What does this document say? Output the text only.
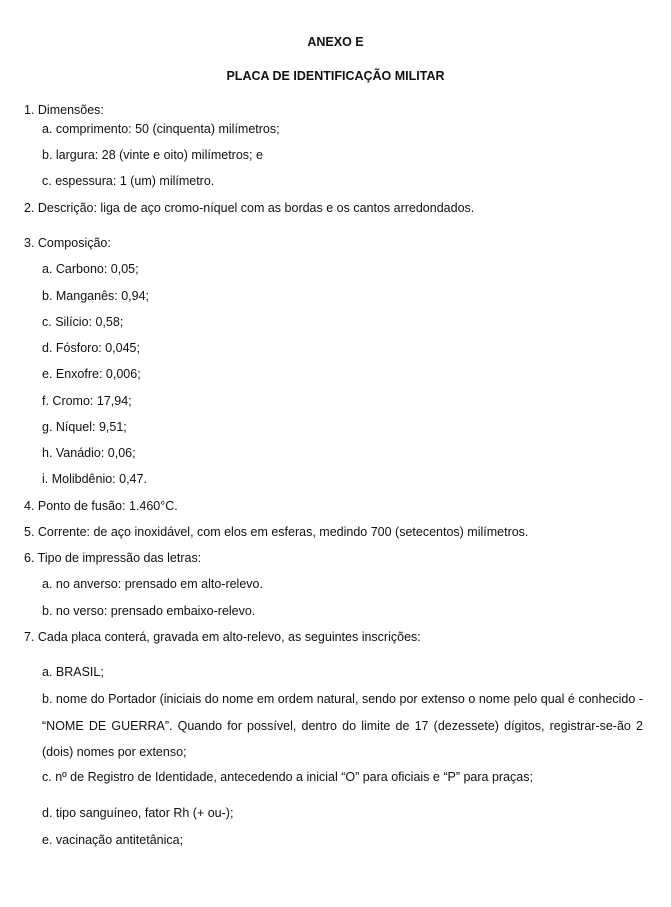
ANEXO E
PLACA DE IDENTIFICAÇÃO MILITAR
1. Dimensões:
a. comprimento: 50 (cinquenta) milímetros;
b. largura: 28 (vinte e oito) milímetros; e
c. espessura: 1 (um) milímetro.
2. Descrição: liga de aço cromo-níquel com as bordas e os cantos arredondados.
3. Composição:
a. Carbono: 0,05;
b. Manganês: 0,94;
c. Silício: 0,58;
d. Fósforo: 0,045;
e. Enxofre: 0,006;
f. Cromo: 17,94;
g. Níquel: 9,51;
h. Vanádio: 0,06;
i. Molibdênio: 0,47.
4. Ponto de fusão: 1.460°C.
5. Corrente: de aço inoxidável, com elos em esferas, medindo 700 (setecentos) milímetros.
6. Tipo de impressão das letras:
a. no anverso: prensado em alto-relevo.
b. no verso: prensado embaixo-relevo.
7. Cada placa conterá, gravada em alto-relevo, as seguintes inscrições:
a. BRASIL;
b. nome do Portador (iniciais do nome em ordem natural, sendo por extenso o nome pelo qual é conhecido - “NOME DE GUERRA”. Quando for possível, dentro do limite de 17 (dezessete) dígitos, registrar-se-ão 2 (dois) nomes por extenso;
c. nº de Registro de Identidade, antecedendo a inicial “O” para oficiais e “P” para praças;
d. tipo sanguíneo, fator Rh (+ ou-);
e. vacinação antitetânica;
